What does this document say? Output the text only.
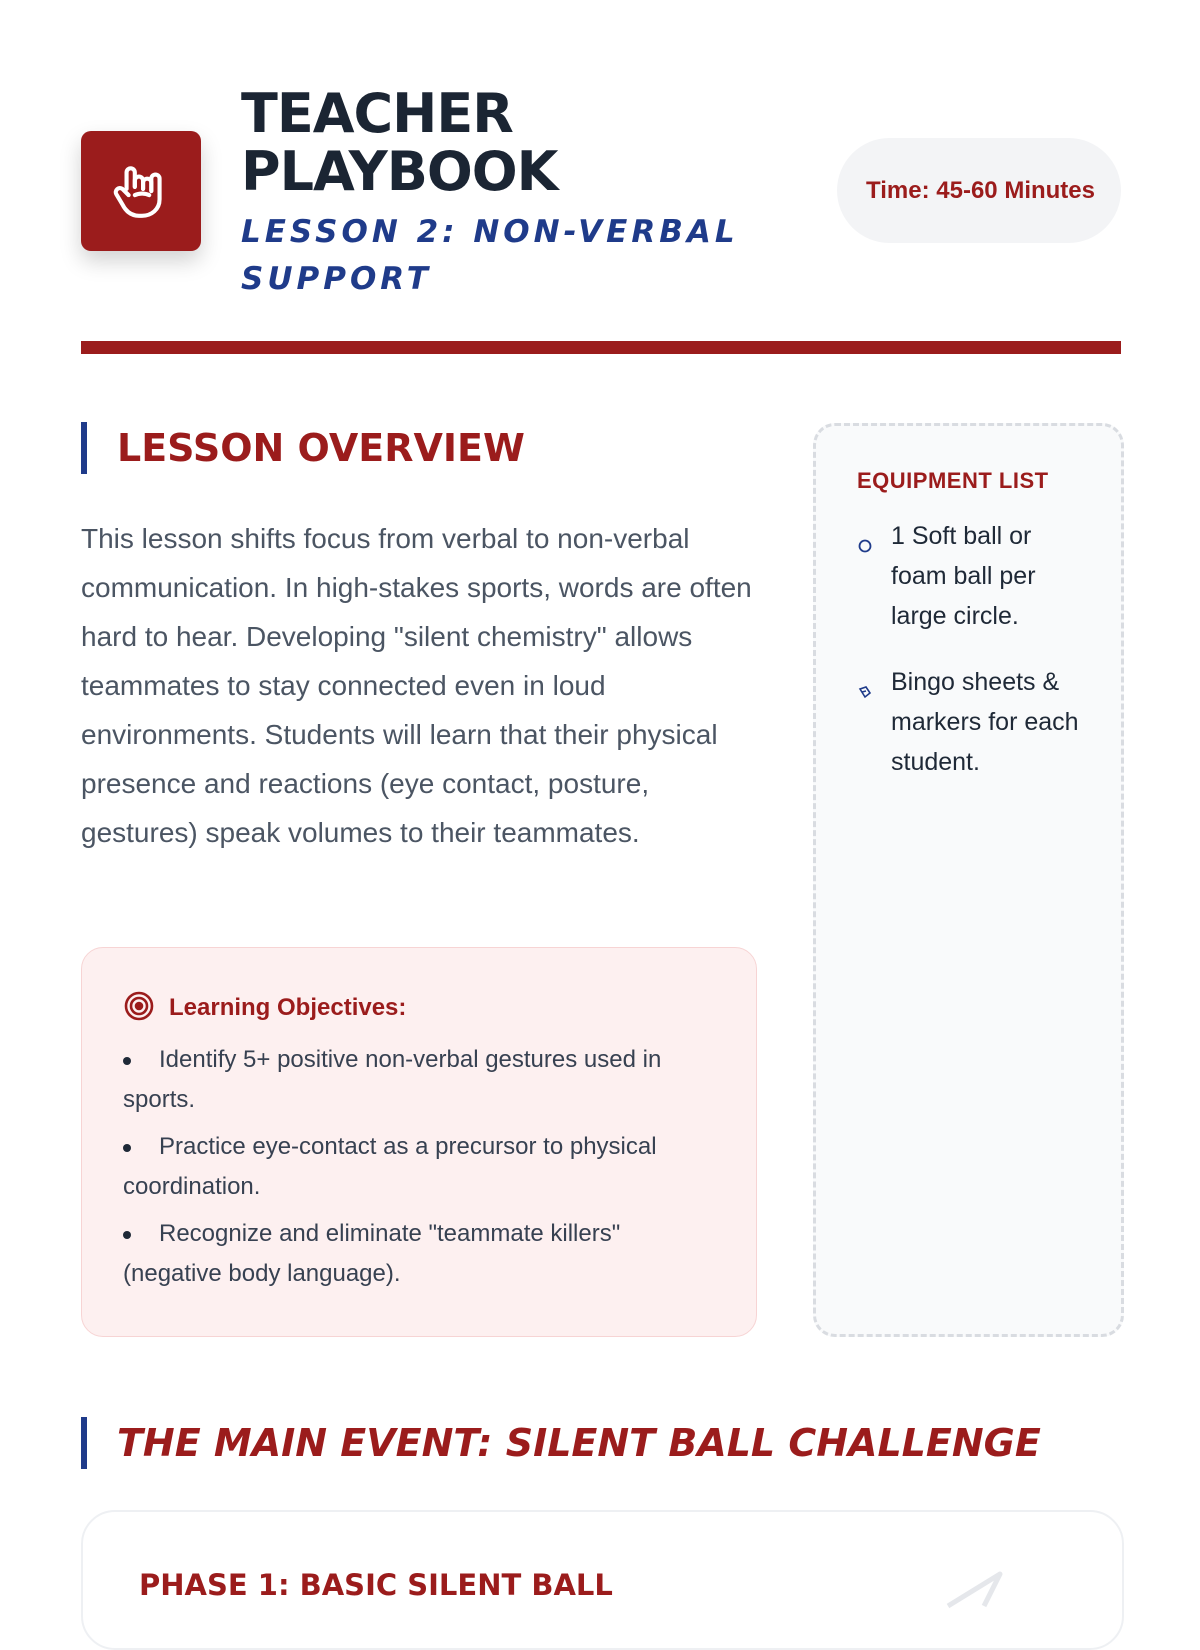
TEACHER PLAYBOOK

LESSON 2: NON-VERBAL SUPPORT

Time: 45-60 Minutes
LESSON OVERVIEW

This lesson shifts focus from verbal to non-verbal communication. In high-stakes sports, words are often hard to hear. Developing "silent chemistry" allows teammates to stay connected even in loud environments. Students will learn that their physical presence and reactions (eye contact, posture, gestures) speak volumes to their teammates.

Learning Objectives:
Identify 5+ positive non-verbal gestures used in sports.
Practice eye-contact as a precursor to physical coordination.
Recognize and eliminate "teammate killers" (negative body language).
EQUIPMENT LIST
1 Soft ball or foam ball per large circle.
Bingo sheets & markers for each student.
THE MAIN EVENT: SILENT BALL CHALLENGE
PHASE 1: BASIC SILENT BALL
